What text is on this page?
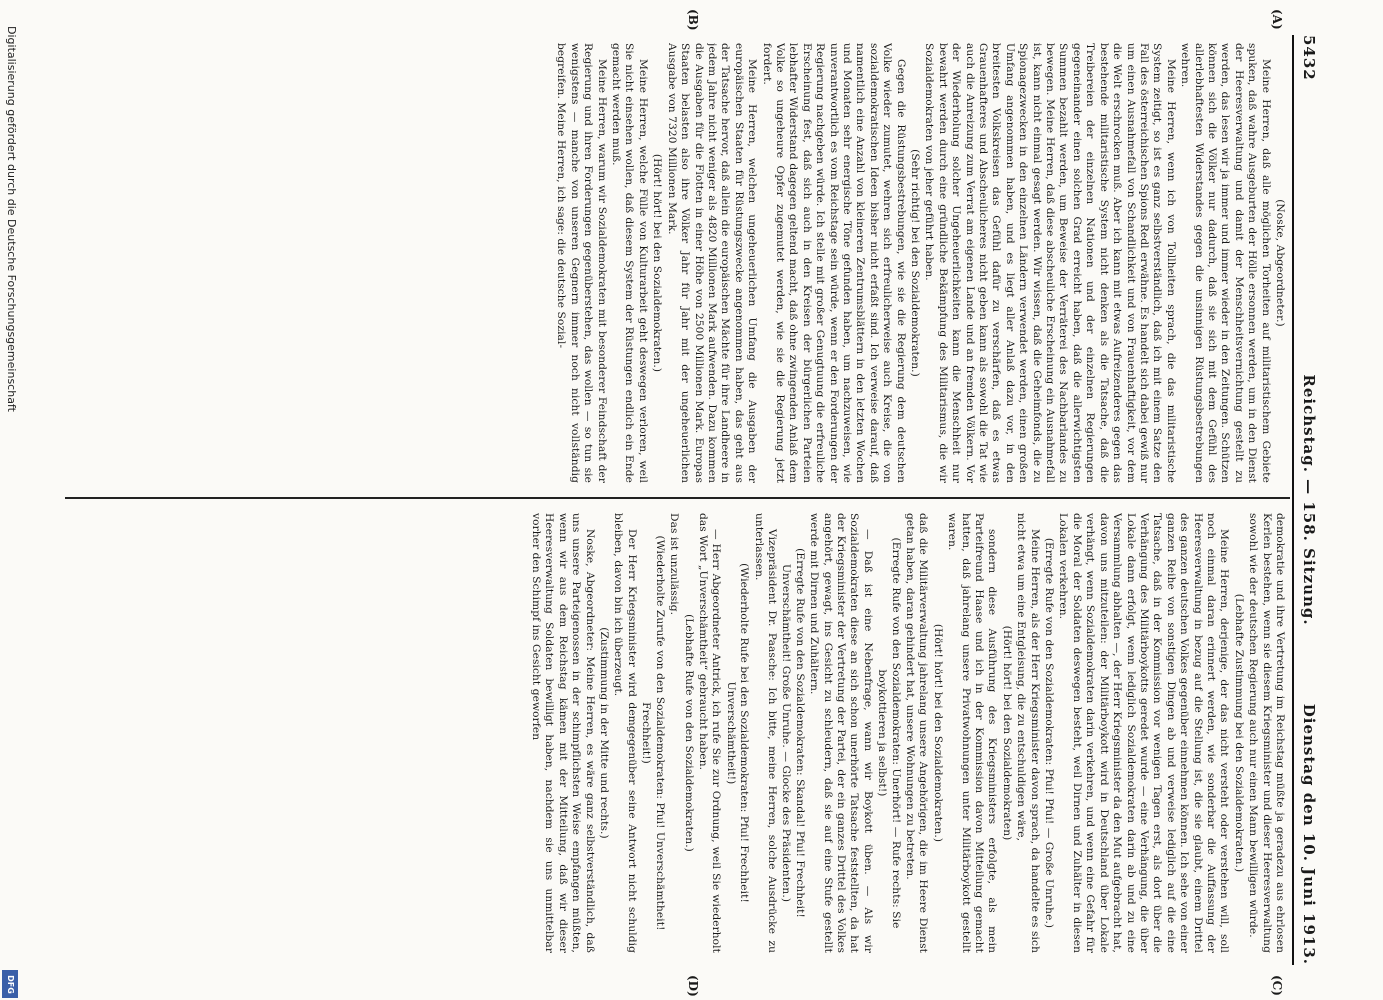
5432
Reichstag. — 158. Sitzung.
Dienstag den 10. Juni 1913.
(A)
(B)
(C)
(D)

(Noske, Abgeordneter.)

Meine Herren, daß alle möglichen Torheiten auf militaristischem Gebiete spuken, daß wahre Ausgeburten der Hölle ersonnen werden, um in den Dienst der Heeresverwaltung und damit der Menschheitsvernichtung gestellt zu werden, das lesen wir ja immer und immer wieder in den Zeitungen. Schützen können sich die Völker nur dadurch, daß sie sich mit dem Gefühl des allerlebhaftesten Widerstandes gegen die unsinnigen Rüstungsbestrebungen wehren.

Meine Herren, wenn ich von Tollheiten sprach, die das militaristische System zeitigt, so ist es ganz selbstverständlich, daß ich mit einem Satze den Fall des österreichischen Spions Redl erwähne. Es handelt sich dabei gewiß nur um einen Ausnahmefall von Schandlichkeit und von Frauenhaftigkeit, vor dem die Welt erschrocken muß. Aber ich kann mit etwas Aufreizenderes gegen das bestehende militaristische System nicht denken als die Tatsache, daß die Treibereien der einzelnen Nationen und der einzelnen Regierungen gegeneinander einen solchen Grad erreicht haben, daß die allerwichtigsten Summen bezahlt werden, um Beweise der Verräterei des Nachbarlandes zu bewegen. Meine Herren, daß diese abscheuliche Erscheinung ein Ausnahmefall ist, kann nicht einmal gesagt werden. Wir wissen, daß die Geheimfonds, die zu Spionagezwecken in den einzelnen Ländern verwendet werden, einen großen Umfang angenommen haben, und es liegt aller Anlaß dazu vor, in den breitesten Volkskreisen das Gefühl dafür zu verschärfen, daß es etwas Grauenhafteres und Abscheulicheres nicht geben kann als sowohl die Tat wie auch die Anreizung zum Verrat am eigenen Lande und an fremden Völkern. Vor der Wiederholung solcher Ungeheuerlichkeiten kann die Menschheit nur bewahrt werden durch eine gründliche Bekämpfung des Militarismus, die wir Sozialdemokraten von jeher geführt haben.

(Sehr richtig! bei den Sozialdemokraten.)

Gegen die Rüstungsbestrebungen, wie sie die Regierung dem deutschen Volke wieder zumutet, wehren sich erfreulicherweise auch Kreise, die von sozialdemokratischen Ideen bisher nicht erfaßt sind. Ich verweise darauf, daß namentlich eine Anzahl von kleineren Zentrumsblättern in den letzten Wochen und Monaten sehr energische Töne gefunden haben, um nachzuweisen, wie unverantwortlich es vom Reichstage sein würde, wenn er den Forderungen der Regierung nachgeben würde. Ich stelle mit großer Genugtuung die erfreuliche Erscheinung fest, daß sich auch in den Kreisen der bürgerlichen Parteien lebhafter Widerstand dagegen geltend macht, daß ohne zwingenden Anlaß dem Volke so ungeheure Opfer zugemutet werden, wie sie die Regierung jetzt fordert.

Meine Herren, welchen ungeheuerlichen Umfang die Ausgaben der europäischen Staaten für Rüstungszwecke angenommen haben, das geht aus der Tatsache hervor, daß allein die europäischen Mächte für ihre Landheere in jedem Jahre nicht weniger als 4820 Millionen Mark aufwenden. Dazu kommen die Ausgaben für die Flotten in einer Höhe von 2500 Millionen Mark. Europas Staaten belasten also ihre Völker Jahr für Jahr mit der ungeheuerlichen Ausgabe von 7320 Millionen Mark.

(Hört! hört! bei den Sozialdemokraten.)

Meine Herren, welche Fülle von Kulturarbeit geht deswegen verloren, weil Sie nicht einsehen wollen, daß diesem System der Rüstungen endlich ein Ende gemacht werden muß.

Meine Herren, warum wir Sozialdemokraten mit besonderer Feindschaft der Regierung und ihren Forderungen gegenüberstehen, das wollen — so tun sie wenigstens — manche von unseren Gegnern immer noch nicht vollständig begreifen. Meine Herren, ich sage: die deutsche Sozial-

demokratie und ihre Vertretung im Reichstag müßte ja geradezu aus ehrlosen Kerlen bestehen, wenn sie diesem Kriegsminister und dieser Heeresverwaltung sowohl wie der deutschen Regierung auch nur einen Mann bewilligen würde.

(Lebhafte Zustimmung bei den Sozialdemokraten.)

Meine Herren, derjenige, der das nicht versteht oder verstehen will, soll noch einmal daran erinnert werden, wie sonderbar die Auffassung der Heeresverwaltung in bezug auf die Stellung ist, die sie glaubt, einem Drittel des ganzen deutschen Volkes gegenüber einnehmen können. Ich sehe von einer ganzen Reihe von sonstigen Dingen ab und verweise lediglich auf die eine Tatsache, daß in der Kommission vor wenigen Tagen erst, als dort über die Verhängung des Militärboykotts geredet wurde — eine Verhängung, die über Lokale dann erfolgt, wenn lediglich Sozialdemokraten darin ab und zu eine Versammlung abhalten —, der Herr Kriegsminister da den Mut aufgebracht hat, davon uns mitzuteilen: der Militärboykott wird in Deutschland über Lokale verhängt, wenn Sozialdemokraten darin verkehren, und wenn eine Gefahr für die Moral der Soldaten deswegen besteht, weil Dirnen und Zuhälter in diesen Lokalen verkehren.

(Erregte Rufe von den Sozialdemokraten: Pfui! Pfui! — Große Unruhe.)

Meine Herren, als der Herr Kriegsminister davon sprach, da handelte es sich nicht etwa um eine Entgleisung, die zu entschuldigen wäre,

(Hört! hört! bei den Sozialdemokraten)

sondern diese Ausführung des Kriegsministers erfolgte, als mein Parteifreund Haase und ich in der Kommission davon Mitteilung gemacht hatten, daß jahrelang unsere Privatwohnungen unter Militärboykott gestellt waren.

(Hört! hört! bei den Sozialdemokraten.)

daß die Militärverwaltung jahrelang unsere Angehörigen, die im Heere Dienst getan haben, daran gehindert hat, unsere Wohnungen zu betreten.

(Erregte Rufe von den Sozialdemokraten: Unerhört! — Rufe rechts: Sie boykottieren ja selbst!)

— Daß ist eine Nebenfrage, wann wir Boykott üben. — Als wir Sozialdemokraten diese an sich schon unerhörte Tatsache feststellten, da hat der Kriegsminister der Vertretung der Partei, der ein ganzes Drittel des Volkes angehört, gewagt, ins Gesicht zu schleudern, daß sie auf eine Stufe gestellt werde mit Dirnen und Zuhältern.

(Erregte Rufe von den Sozialdemokraten: Skandal! Pfui! Frechheit! Unverschämtheit! Große Unruhe. — Glocke des Präsidenten.)

Vizepräsident Dr. Paasche: Ich bitte, meine Herren, solche Ausdrücke zu unterlassen.

(Wiederholte Rufe bei den Sozialdemokraten: Pfui! Frechheit! Unverschämtheit!)

— Herr Abgeordneter Antrick, ich rufe Sie zur Ordnung, weil Sie wiederholt das Wort „Unverschämtheit“ gebraucht haben.

(Lebhafte Rufe von den Sozialdemokraten.)

Das ist unzulässig.

(Wiederholte Zurufe von den Sozialdemokraten: Pfui! Unverschämtheit! Frechheit!)

Der Herr Kriegsminister wird demgegenüber seine Antwort nicht schuldig bleiben, davon bin ich überzeugt.

(Zustimmung in der Mitte und rechts.)

Noske, Abgeordneter: Meine Herren, es wäre ganz selbstverständlich, daß uns unsere Parteigenossen in der schimpflichsten Weise empfangen müßten, wenn wir aus dem Reichstag kämen mit der Mitteilung, daß wir dieser Heeresverwaltung Soldaten bewilligt haben, nachdem sie uns unmittelbar vorher den Schimpf ins Gesicht geworfen

Digitalisierung gefördert durch die Deutsche Forschungsgemeinschaft
DFG
